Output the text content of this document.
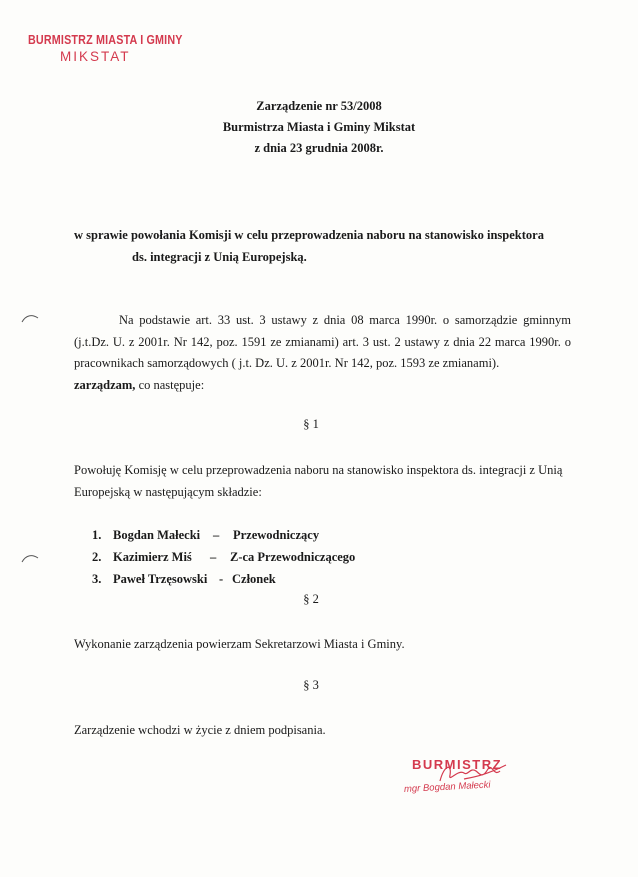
BURMISTRZ MIASTA I GMINY
MIKSTAT
Zarządzenie nr 53/2008
Burmistrza Miasta i Gminy Mikstat
z dnia 23 grudnia 2008r.
w sprawie powołania Komisji w celu przeprowadzenia naboru na stanowisko inspektora
ds. integracji z Unią Europejską.
Na podstawie art. 33 ust. 3 ustawy z dnia 08 marca 1990r. o samorządzie gminnym (j.t.Dz. U. z 2001r. Nr 142, poz. 1591 ze zmianami) art. 3 ust. 2 ustawy z dnia 22 marca 1990r. o pracownikach samorządowych ( j.t. Dz. U. z 2001r. Nr 142, poz. 1593 ze zmianami).
zarządzam, co następuje:
§ 1
Powołuję Komisję w celu przeprowadzenia naboru na stanowisko inspektora ds. integracji z Unią Europejską w następującym składzie:
1. Bogdan Małecki – Przewodniczący
2. Kazimierz Miś – Z-ca Przewodniczącego
3. Paweł Trzęsowski - Członek
§ 2
Wykonanie zarządzenia powierzam Sekretarzowi Miasta i Gminy.
§ 3
Zarządzenie wchodzi w życie z dniem podpisania.
BURMISTRZ
mgr Bogdan Małecki
